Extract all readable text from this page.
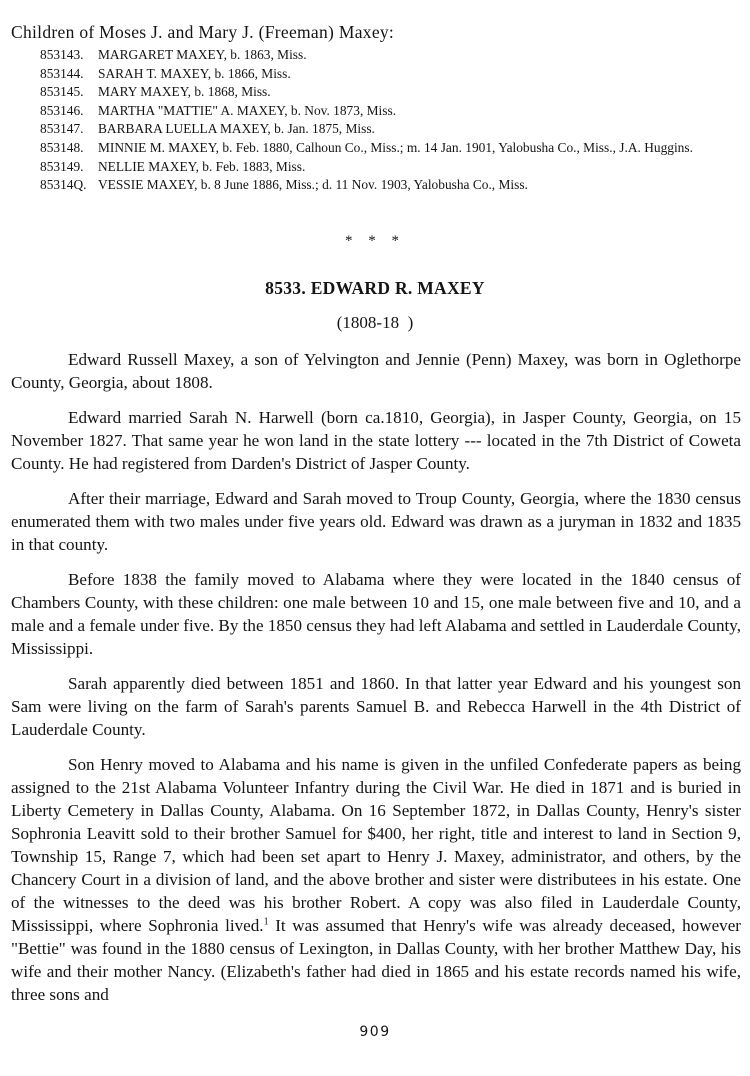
Children of Moses J. and Mary J. (Freeman) Maxey:

853143.	MARGARET MAXEY, b. 1863, Miss.
853144.	SARAH T. MAXEY, b. 1866, Miss.
853145.	MARY MAXEY, b. 1868, Miss.
853146.	MARTHA "MATTIE" A. MAXEY, b. Nov. 1873, Miss.
853147.	BARBARA LUELLA MAXEY, b. Jan. 1875, Miss.
853148.	MINNIE M. MAXEY, b. Feb. 1880, Calhoun Co., Miss.; m. 14 Jan. 1901, Yalobusha Co., Miss., J.A. Huggins.
853149.	NELLIE MAXEY, b. Feb. 1883, Miss.
85314Q. VESSIE MAXEY, b. 8 June 1886, Miss.; d. 11 Nov. 1903, Yalobusha Co., Miss.

* * *

8533. EDWARD R. MAXEY

(1808-18  )

Edward Russell Maxey, a son of Yelvington and Jennie (Penn) Maxey, was born in Oglethorpe County, Georgia, about 1808.

Edward married Sarah N. Harwell (born ca.1810, Georgia), in Jasper County, Georgia, on 15 November 1827. That same year he won land in the state lottery --- located in the 7th District of Coweta County. He had registered from Darden's District of Jasper County.

After their marriage, Edward and Sarah moved to Troup County, Georgia, where the 1830 census enumerated them with two males under five years old. Edward was drawn as a juryman in 1832 and 1835 in that county.

Before 1838 the family moved to Alabama where they were located in the 1840 census of Chambers County, with these children: one male between 10 and 15, one male between five and 10, and a male and a female under five. By the 1850 census they had left Alabama and settled in Lauderdale County, Mississippi.

Sarah apparently died between 1851 and 1860. In that latter year Edward and his youngest son Sam were living on the farm of Sarah's parents Samuel B. and Rebecca Harwell in the 4th District of Lauderdale County.

Son Henry moved to Alabama and his name is given in the unfiled Confederate papers as being assigned to the 21st Alabama Volunteer Infantry during the Civil War. He died in 1871 and is buried in Liberty Cemetery in Dallas County, Alabama. On 16 September 1872, in Dallas County, Henry's sister Sophronia Leavitt sold to their brother Samuel for $400, her right, title and interest to land in Section 9, Township 15, Range 7, which had been set apart to Henry J. Maxey, administrator, and others, by the Chancery Court in a division of land, and the above brother and sister were distributees in his estate. One of the witnesses to the deed was his brother Robert. A copy was also filed in Lauderdale County, Mississippi, where Sophronia lived.$^1$ It was assumed that Henry's wife was already deceased, however "Bettie" was found in the 1880 census of Lexington, in Dallas County, with her brother Matthew Day, his wife and their mother Nancy. (Elizabeth's father had died in 1865 and his estate records named his wife, three sons and

909
